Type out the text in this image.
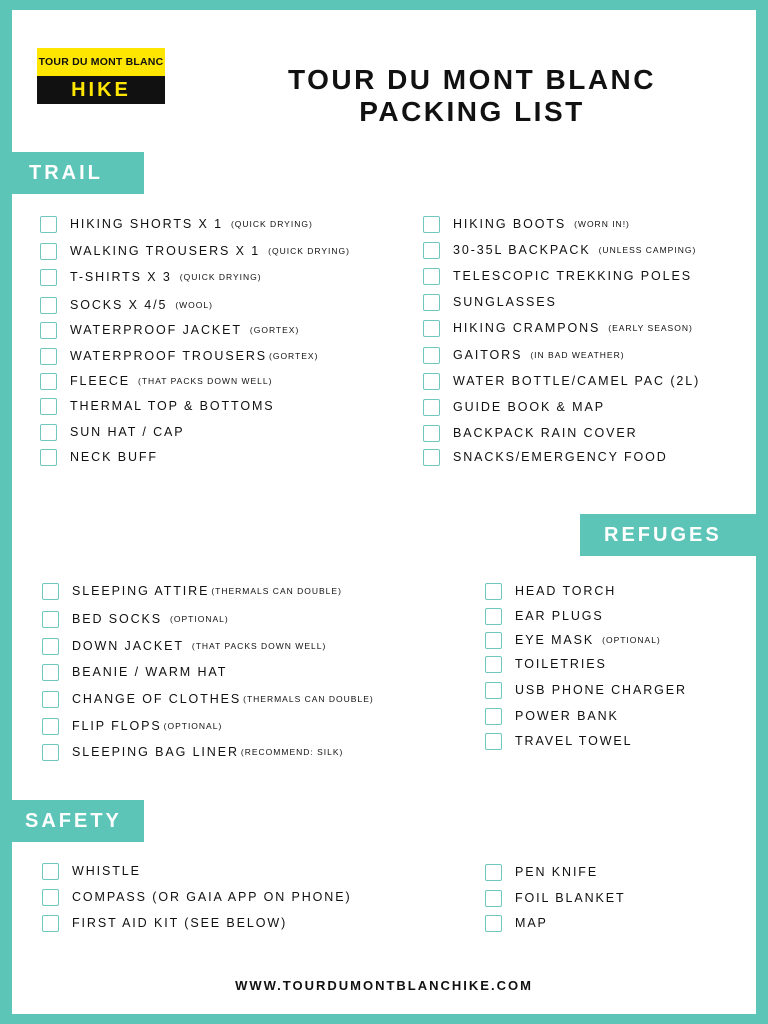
TOUR DU MONT BLANC
HIKE	TOUR DU MONT BLANC
PACKING LIST
TRAIL
REFUGES
SAFETY
HIKING SHORTS X 1 (QUICK DRYING)
WALKING TROUSERS X 1 (QUICK DRYING)
T-SHIRTS X 3 (QUICK DRYING)
SOCKS X 4/5 (WOOL)
WATERPROOF JACKET (GORTEX)
WATERPROOF TROUSERS (GORTEX)
FLEECE (THAT PACKS DOWN WELL)
THERMAL TOP & BOTTOMS
SUN HAT / CAP
NECK BUFF
HIKING BOOTS (WORN IN!)
30-35L BACKPACK (UNLESS CAMPING)
TELESCOPIC TREKKING POLES
SUNGLASSES
HIKING CRAMPONS (EARLY SEASON)
GAITORS (IN BAD WEATHER)
WATER BOTTLE/CAMEL PAC (2L)
GUIDE BOOK & MAP
BACKPACK RAIN COVER
SNACKS/EMERGENCY FOOD
SLEEPING ATTIRE (THERMALS CAN DOUBLE)
BED SOCKS (OPTIONAL)
DOWN JACKET (THAT PACKS DOWN WELL)
BEANIE / WARM HAT
CHANGE OF CLOTHES (THERMALS CAN DOUBLE)
FLIP FLOPS (OPTIONAL)
SLEEPING BAG LINER (RECOMMEND: SILK)
HEAD TORCH
EAR PLUGS
EYE MASK (OPTIONAL)
TOILETRIES
USB PHONE CHARGER
POWER BANK
TRAVEL TOWEL
WHISTLE
COMPASS (OR GAIA APP ON PHONE)
FIRST AID KIT (SEE BELOW)
PEN KNIFE
FOIL BLANKET
MAP
WWW.TOURDUMONTBLANCHIKE.COM
